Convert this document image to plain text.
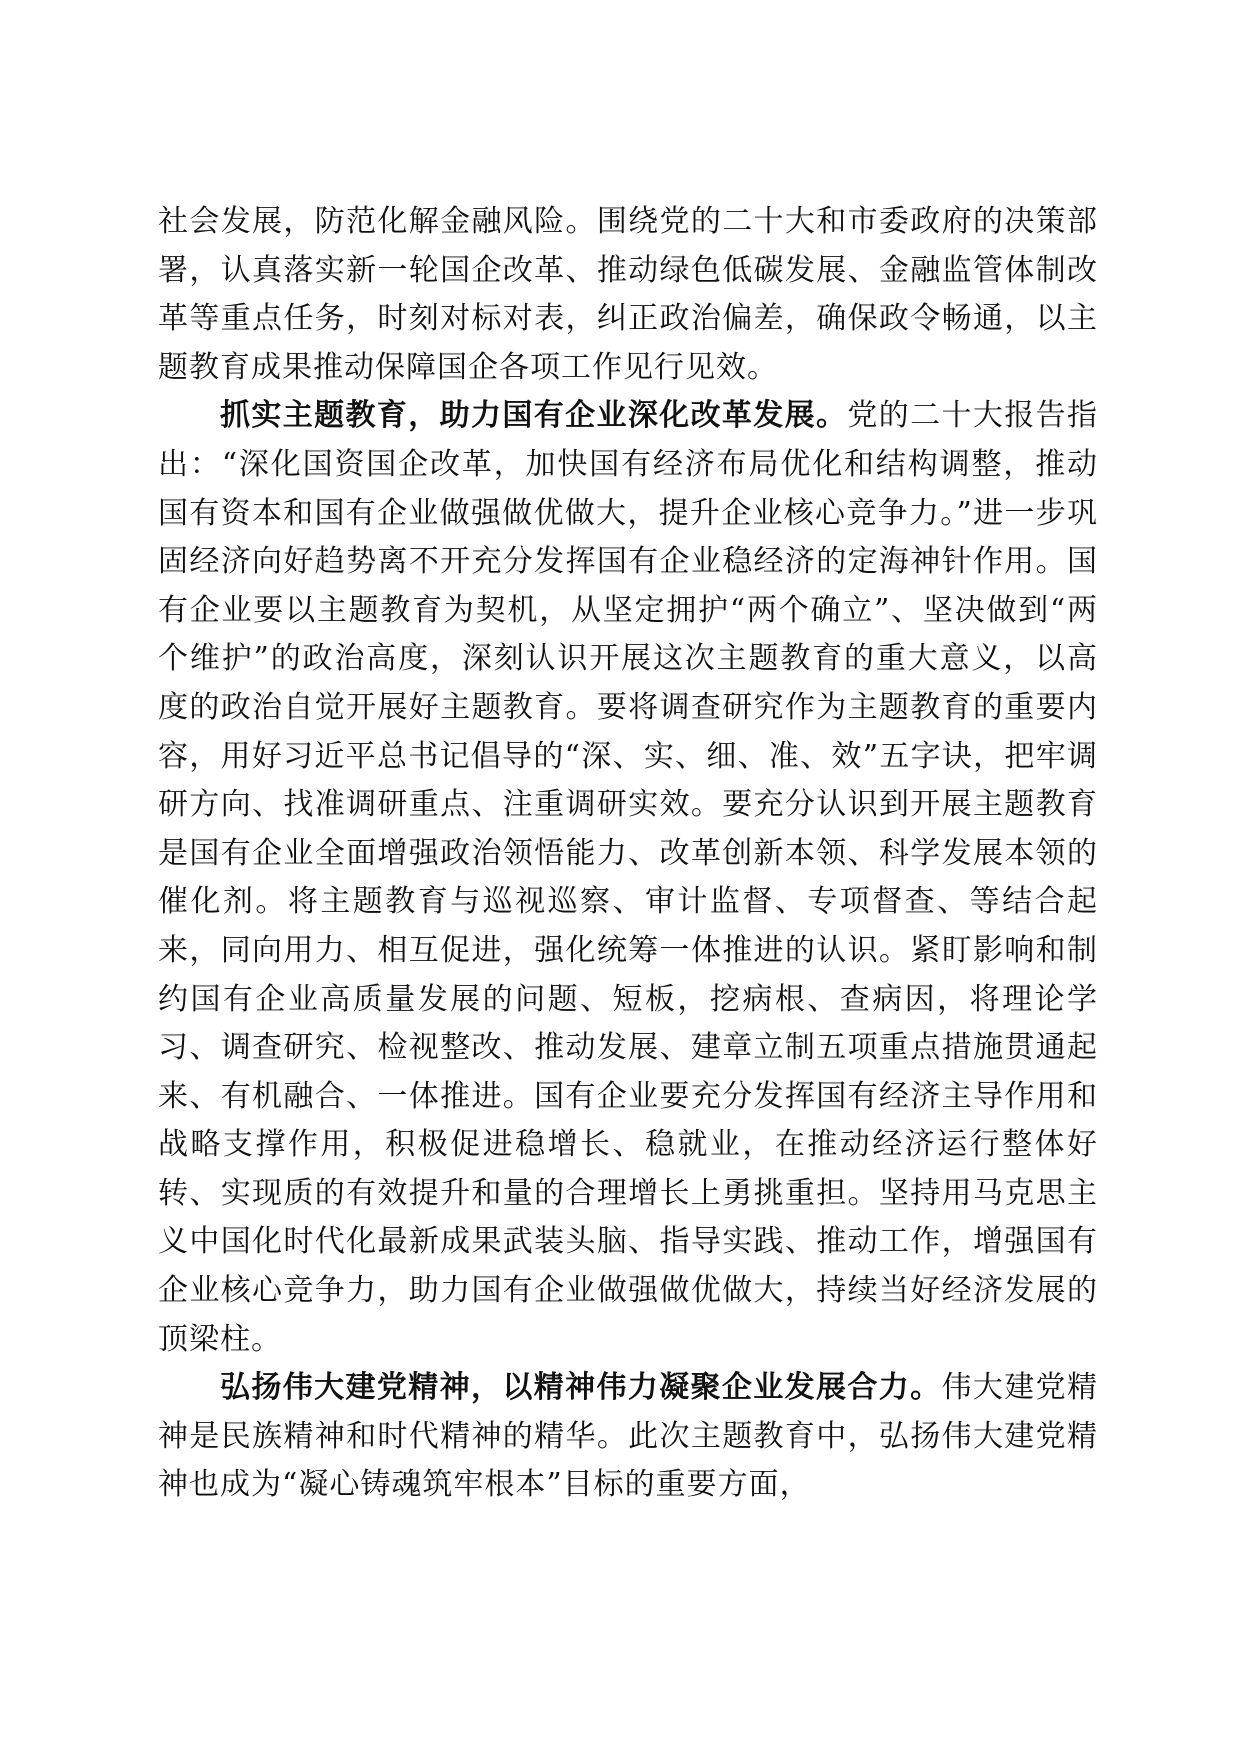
社会发展，防范化解金融风险。围绕党的二十大和市委政府的决策部署，认真落实新一轮国企改革、推动绿色低碳发展、金融监管体制改革等重点任务，时刻对标对表，纠正政治偏差，确保政令畅通，以主题教育成果推动保障国企各项工作见行见效。

抓实主题教育，助力国有企业深化改革发展。党的二十大报告指出：“深化国资国企改革，加快国有经济布局优化和结构调整，推动国有资本和国有企业做强做优做大，提升企业核心竞争力。”进一步巩固经济向好趋势离不开充分发挥国有企业稳经济的定海神针作用。国有企业要以主题教育为契机，从坚定拥护“两个确立”、坚决做到“两个维护”的政治高度，深刻认识开展这次主题教育的重大意义，以高度的政治自觉开展好主题教育。要将调查研究作为主题教育的重要内容，用好习近平总书记倡导的“深、实、细、准、效”五字诀，把牢调研方向、找准调研重点、注重调研实效。要充分认识到开展主题教育是国有企业全面增强政治领悟能力、改革创新本领、科学发展本领的催化剂。将主题教育与巡视巡察、审计监督、专项督查、等结合起来，同向用力、相互促进，强化统筹一体推进的认识。紧盯影响和制约国有企业高质量发展的问题、短板，挖病根、查病因，将理论学习、调查研究、检视整改、推动发展、建章立制五项重点措施贯通起来、有机融合、一体推进。国有企业要充分发挥国有经济主导作用和战略支撑作用，积极促进稳增长、稳就业，在推动经济运行整体好转、实现质的有效提升和量的合理增长上勇挑重担。坚持用马克思主义中国化时代化最新成果武装头脑、指导实践、推动工作，增强国有企业核心竞争力，助力国有企业做强做优做大，持续当好经济发展的顶梁柱。

弘扬伟大建党精神，以精神伟力凝聚企业发展合力。伟大建党精神是民族精神和时代精神的精华。此次主题教育中，弘扬伟大建党精神也成为“凝心铸魂筑牢根本”目标的重要方面，
